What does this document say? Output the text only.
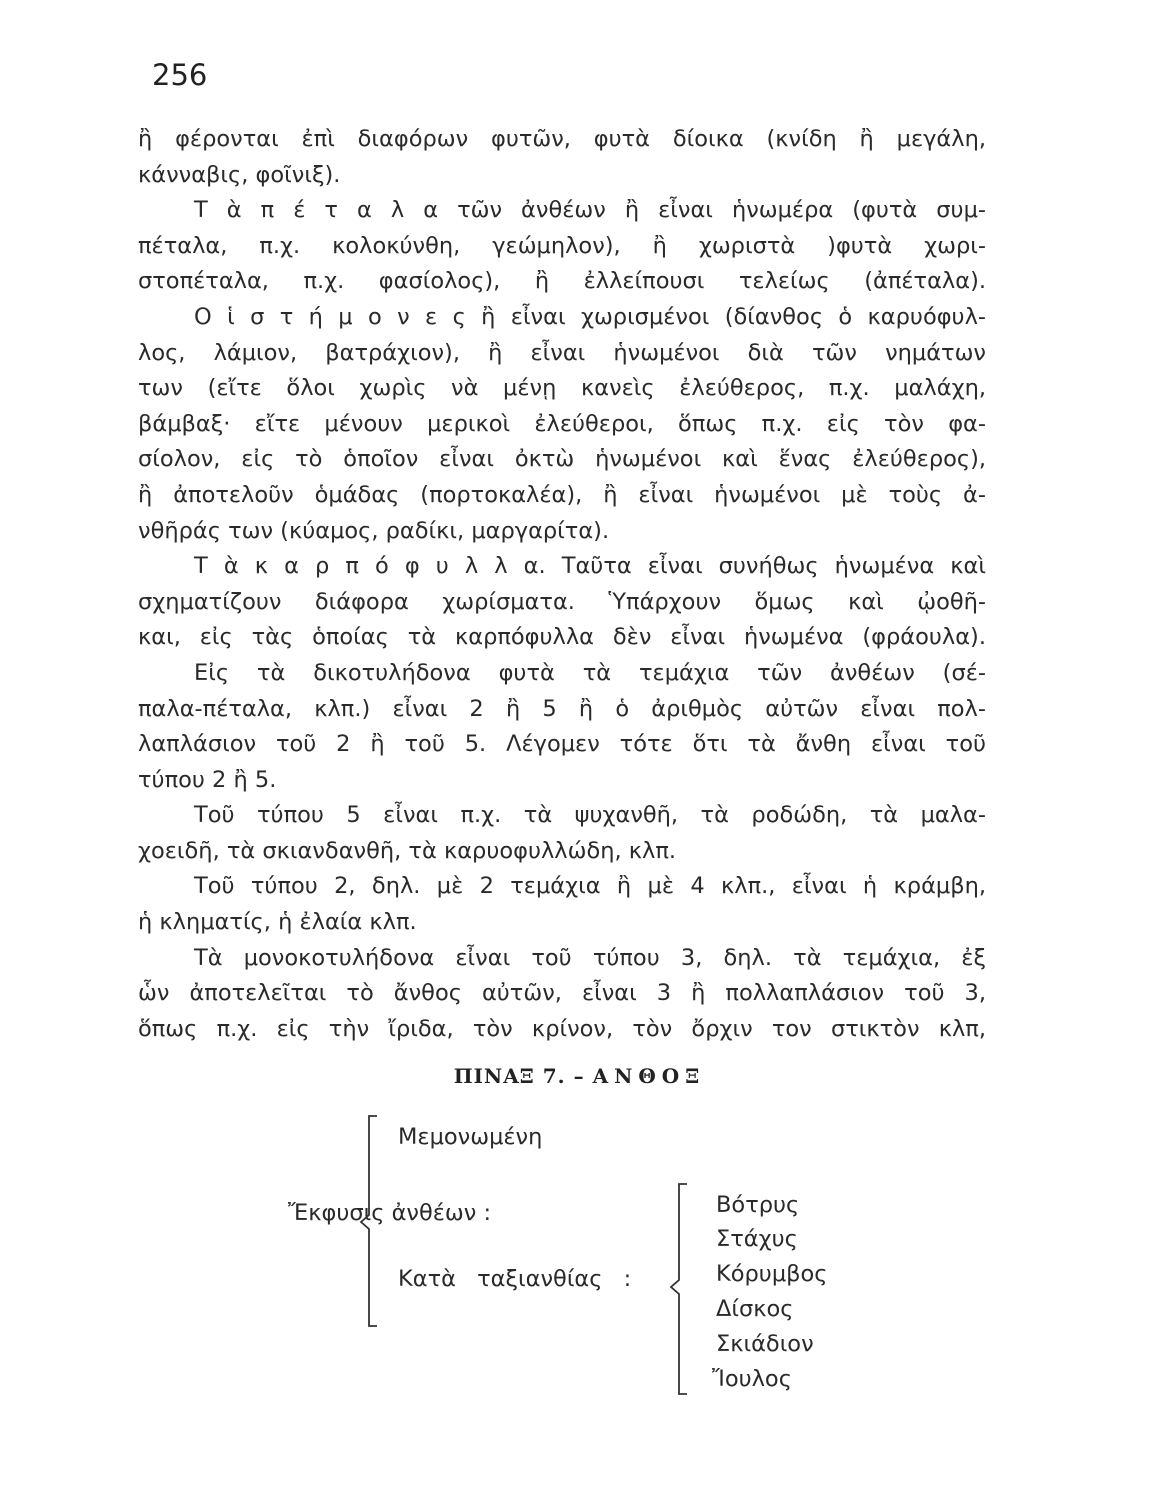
256
ἢ φέρονται ἐπὶ διαφόρων φυτῶν, φυτὰ δίοικα (κνίδη ἢ μεγάλη,
κάνναβις, φοῖνιξ).
Τ ὰ π έ τ α λ α τῶν ἀνθέων ἢ εἶναι ἡνωμέρα (φυτὰ συμ-
πέταλα, π.χ. κολοκύνθη, γεώμηλον), ἢ χωριστὰ )φυτὰ χωρι-
στοπέταλα, π.χ. φασίολος), ἢ ἐλλείπουσι τελείως (ἀπέταλα).
Ο ἱ σ τ ή μ ο ν ε ς ἢ εἶναι χωρισμένοι (δίανθος ὁ καρυόφυλ-
λος, λάμιον, βατράχιον), ἢ εἶναι ἡνωμένοι διὰ τῶν νημάτων
των (εἴτε ὅλοι χωρὶς νὰ μένῃ κανεὶς ἐλεύθερος, π.χ. μαλάχη,
βάμβαξ· εἴτε μένουν μερικοὶ ἐλεύθεροι, ὅπως π.χ. εἰς τὸν φα-
σίολον, εἰς τὸ ὁποῖον εἶναι ὀκτὼ ἡνωμένοι καὶ ἕνας ἐλεύθερος),
ἢ ἀποτελοῦν ὁμάδας (πορτοκαλέα), ἢ εἶναι ἡνωμένοι μὲ τοὺς ἀ-
νθῆράς των (κύαμος, ραδίκι, μαργαρίτα).
Τ ὰ κ α ρ π ό φ υ λ λ α. Ταῦτα εἶναι συνήθως ἡνωμένα καὶ
σχηματίζουν διάφορα χωρίσματα. Ὑπάρχουν ὅμως καὶ ᾠοθῆ-
και, εἰς τὰς ὁποίας τὰ καρπόφυλλα δὲν εἶναι ἡνωμένα (φράουλα).
Εἰς τὰ δικοτυλήδονα φυτὰ τὰ τεμάχια τῶν ἀνθέων (σέ-
παλα-πέταλα, κλπ.) εἶναι 2 ἢ 5 ἢ ὁ ἀριθμὸς αὐτῶν εἶναι πολ-
λαπλάσιον τοῦ 2 ἢ τοῦ 5. Λέγομεν τότε ὅτι τὰ ἄνθη εἶναι τοῦ
τύπου 2 ἢ 5.
Τοῦ τύπου 5 εἶναι π.χ. τὰ ψυχανθῆ, τὰ ροδώδη, τὰ μαλα-
χοειδῆ, τὰ σκιανδανθῆ, τὰ καρυοφυλλώδη, κλπ.
Τοῦ τύπου 2, δηλ. μὲ 2 τεμάχια ἢ μὲ 4 κλπ., εἶναι ἡ κράμβη,
ἡ κληματίς, ἡ ἐλαία κλπ.
Τὰ μονοκοτυλήδονα εἶναι τοῦ τύπου 3, δηλ. τὰ τεμάχια, ἐξ
ὧν ἀποτελεῖται τὸ ἄνθος αὐτῶν, εἶναι 3 ἢ πολλαπλάσιον τοῦ 3,
ὅπως π.χ. εἰς τὴν ἴριδα, τὸν κρίνον, τὸν ὄρχιν τον στικτὸν κλπ,
ΠΙΝΑΞ 7. – ΑΝΘΟΞ
Μεμονωμένη
Ἔκφυσις ἀνθέων :
Κατὰ ταξιανθίας :
Βότρυς
Στάχυς
Κόρυμβος
Δίσκος
Σκιάδιον
Ἴουλος
